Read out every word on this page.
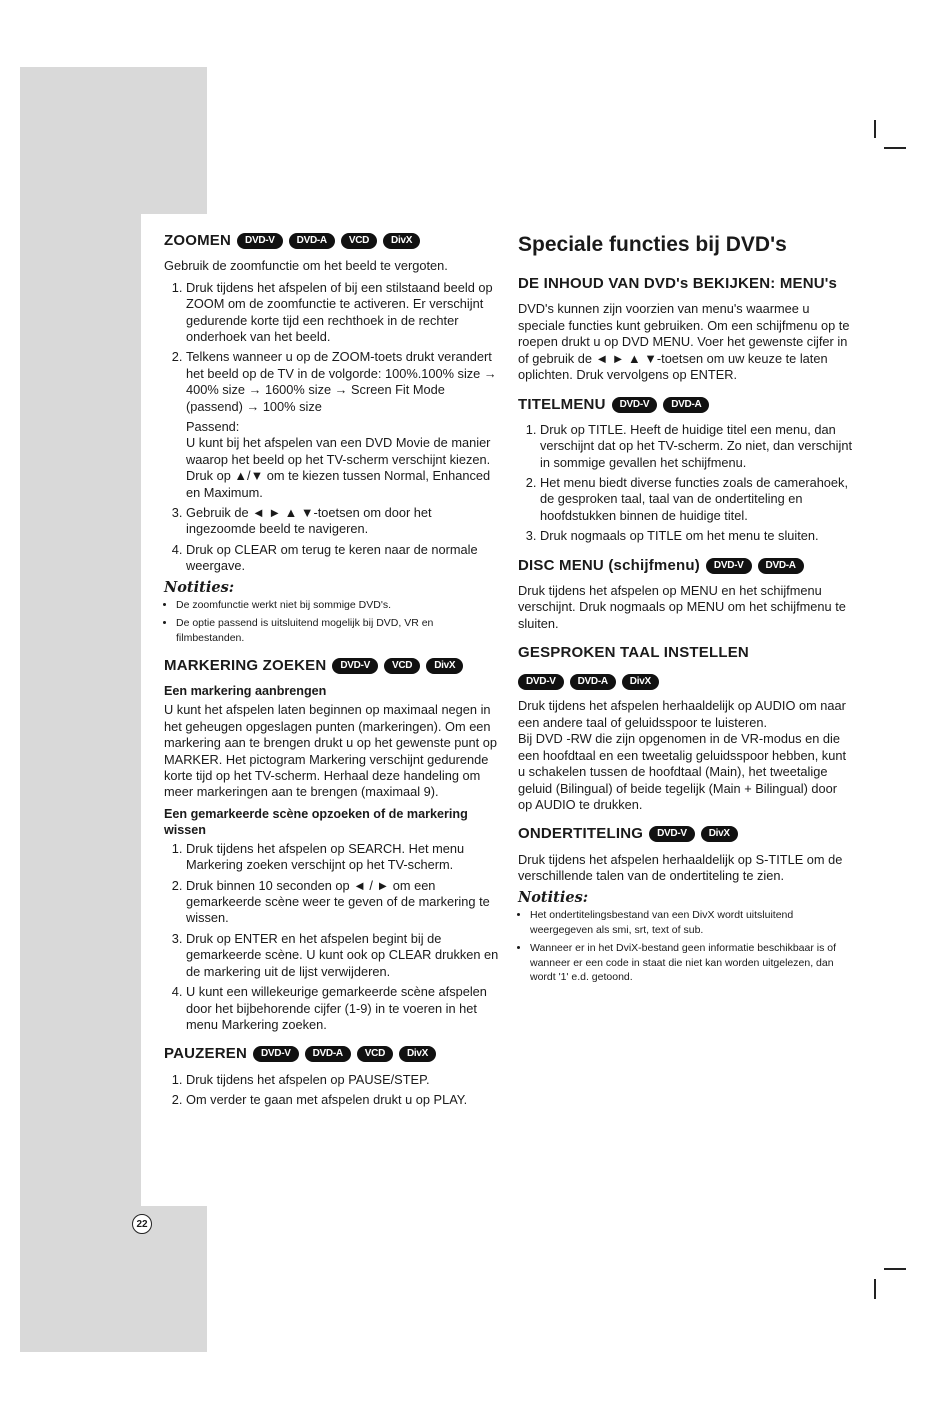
22
ZOOMEN	DVD-V	DVD-A	VCD	DivX

Gebruik de zoomfunctie om het beeld te vergoten.

1. Druk tijdens het afspelen of bij een stilstaand beeld op ZOOM om de zoomfunctie te activeren. Er verschijnt gedurende korte tijd een rechthoek in de rechter onderhoek van het beeld.
2. Telkens wanneer u op de ZOOM-toets drukt verandert het beeld op de TV in de volgorde: 100%.100% size → 400% size → 1600% size → Screen Fit Mode (passend) → 100% size
Passend:
U kunt bij het afspelen van een DVD Movie de manier waarop het beeld op het TV-scherm verschijnt kiezen.
Druk op ▲/▼ om te kiezen tussen Normal, Enhanced en Maximum.
3. Gebruik de ◄ ► ▲ ▼-toetsen om door het ingezoomde beeld te navigeren.
4. Druk op CLEAR om terug te keren naar de normale weergave.
Notities:
• De zoomfunctie werkt niet bij sommige DVD's.
• De optie passend is uitsluitend mogelijk bij DVD, VR en filmbestanden.
MARKERING ZOEKEN	DVD-V	VCD	DivX
Een markering aanbrengen

U kunt het afspelen laten beginnen op maximaal negen in het geheugen opgeslagen punten (markeringen). Om een markering aan te brengen drukt u op het gewenste punt op MARKER. Het pictogram Markering verschijnt gedurende korte tijd op het TV-scherm. Herhaal deze handeling om meer markeringen aan te brengen (maximaal 9).

Een gemarkeerde scène opzoeken of de markering wissen
1. Druk tijdens het afspelen op SEARCH. Het menu Markering zoeken verschijnt op het TV-scherm.
2. Druk binnen 10 seconden op ◄ / ► om een gemarkeerde scène weer te geven of de markering te wissen.
3. Druk op ENTER en het afspelen begint bij de gemarkeerde scène. U kunt ook op CLEAR drukken en de markering uit de lijst verwijderen.
4. U kunt een willekeurige gemarkeerde scène afspelen door het bijbehorende cijfer (1-9) in te voeren in het menu Markering zoeken.
PAUZEREN	DVD-V	DVD-A	VCD	DivX
1. Druk tijdens het afspelen op PAUSE/STEP.
2. Om verder te gaan met afspelen drukt u op PLAY.
Speciale functies bij DVD's
DE INHOUD VAN DVD's BEKIJKEN: MENU's

DVD's kunnen zijn voorzien van menu's waarmee u speciale functies kunt gebruiken. Om een schijfmenu op te roepen drukt u op DVD MENU. Voer het gewenste cijfer in of gebruik de ◄ ► ▲ ▼-toetsen om uw keuze te laten oplichten. Druk vervolgens op ENTER.

TITELMENU	DVD-V	DVD-A
1. Druk op TITLE. Heeft de huidige titel een menu, dan verschijnt dat op het TV-scherm. Zo niet, dan verschijnt in sommige gevallen het schijfmenu.
2. Het menu biedt diverse functies zoals de camerahoek, de gesproken taal, taal van de ondertiteling en hoofdstukken binnen de huidige titel.
3. Druk nogmaals op TITLE om het menu te sluiten.
DISC MENU (schijfmenu)	DVD-V	DVD-A

Druk tijdens het afspelen op MENU en het schijfmenu verschijnt. Druk nogmaals op MENU om het schijfmenu te sluiten.

GESPROKEN TAAL INSTELLEN
DVD-V	DVD-A	DivX

Druk tijdens het afspelen herhaaldelijk op AUDIO om naar een andere taal of geluidsspoor te luisteren.

Bij DVD -RW die zijn opgenomen in de VR-modus en die een hoofdtaal en een tweetalig geluidsspoor hebben, kunt u schakelen tussen de hoofdtaal (Main), het tweetalige geluid (Bilingual) of beide tegelijk (Main + Bilingual) door op AUDIO te drukken.

ONDERTITELING	DVD-V	DivX

Druk tijdens het afspelen herhaaldelijk op S-TITLE om de verschillende talen van de ondertiteling te zien.

Notities:
• Het ondertitelingsbestand van een DivX wordt uitsluitend weergegeven als smi, srt, text of sub.
• Wanneer er in het DviX-bestand geen informatie beschikbaar is of wanneer er een code in staat die niet kan worden uitgelezen, dan wordt '1' e.d. getoond.
